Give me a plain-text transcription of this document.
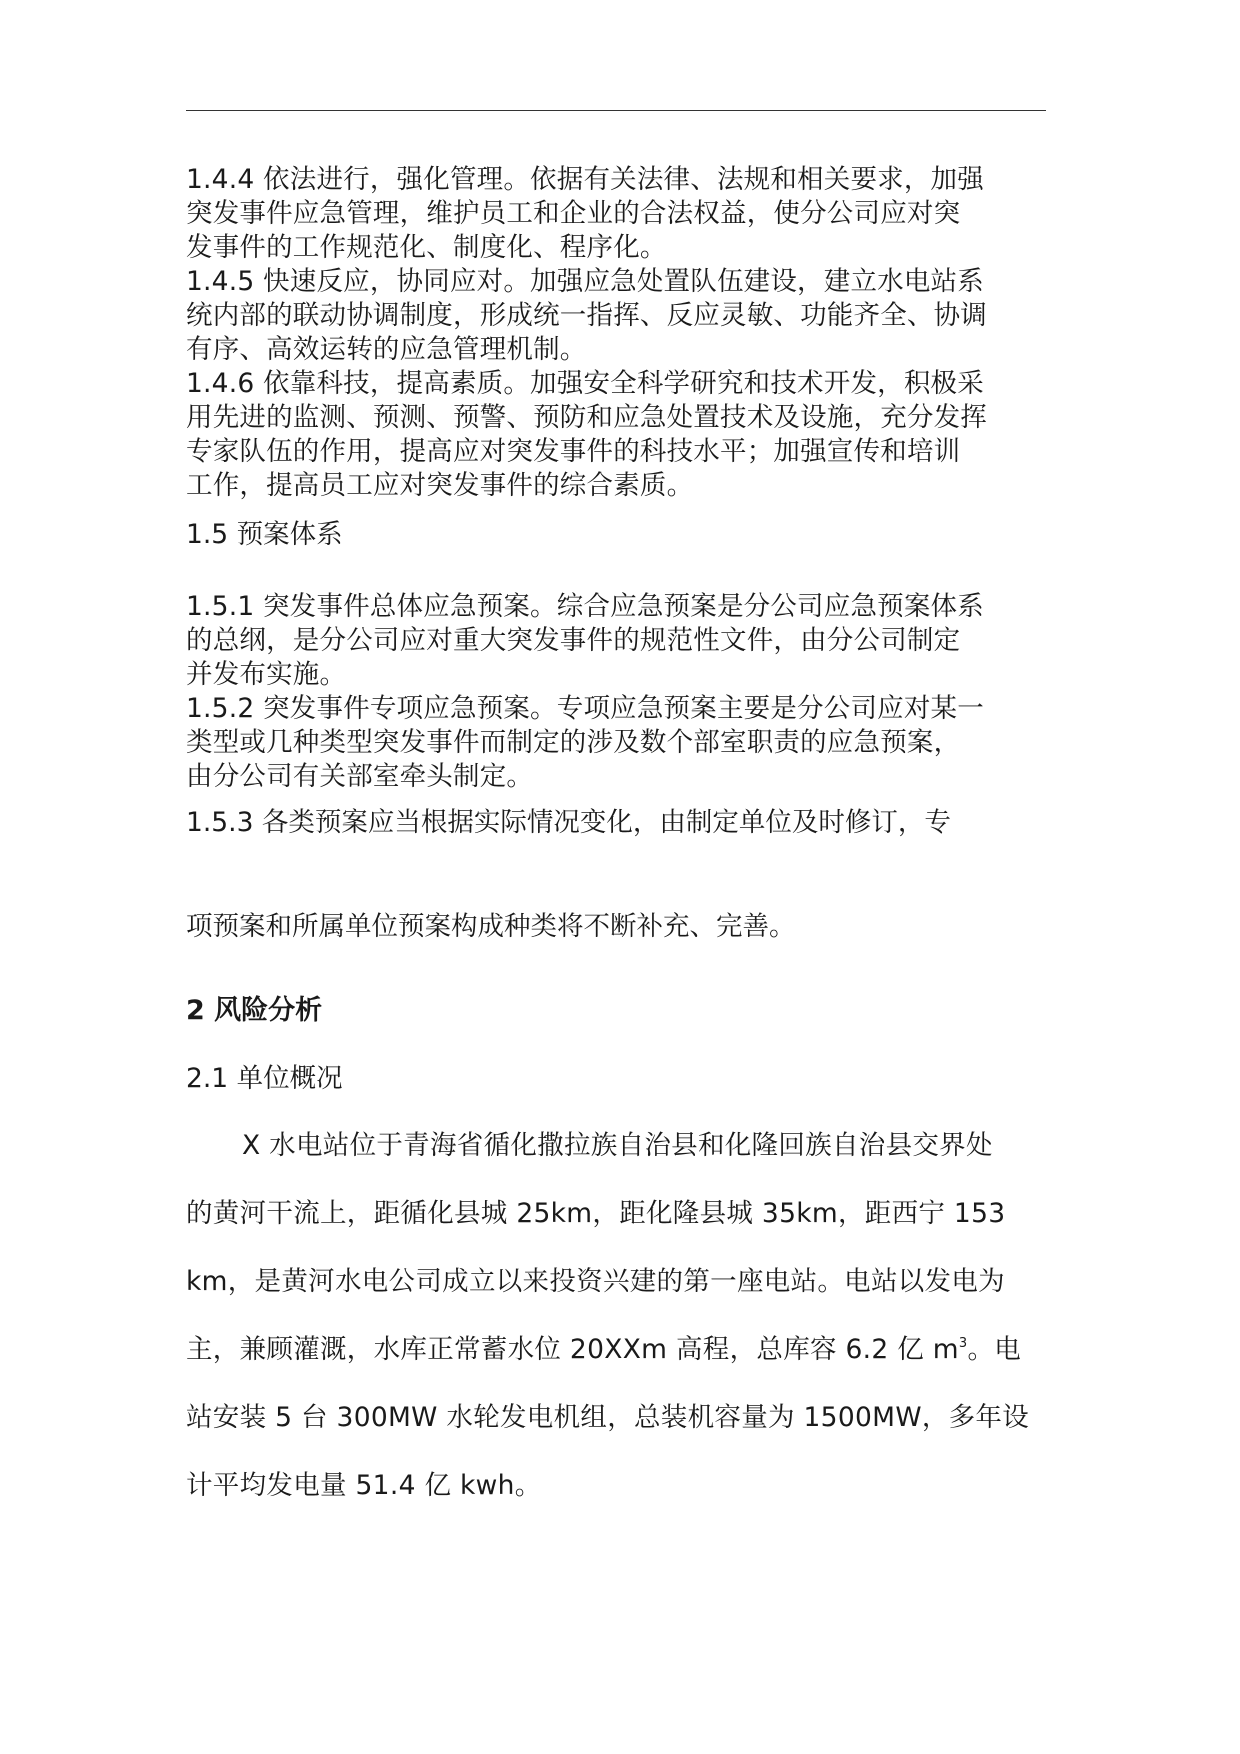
1.4.4 依法进行，强化管理。依据有关法律、法规和相关要求，加强
突发事件应急管理，维护员工和企业的合法权益，使分公司应对突
发事件的工作规范化、制度化、程序化。

1.4.5 快速反应，协同应对。加强应急处置队伍建设，建立水电站系
统内部的联动协调制度，形成统一指挥、反应灵敏、功能齐全、协调
有序、高效运转的应急管理机制。

1.4.6 依靠科技，提高素质。加强安全科学研究和技术开发，积极采
用先进的监测、预测、预警、预防和应急处置技术及设施，充分发挥
专家队伍的作用，提高应对突发事件的科技水平；加强宣传和培训
工作，提高员工应对突发事件的综合素质。

1.5 预案体系

1.5.1 突发事件总体应急预案。综合应急预案是分公司应急预案体系
的总纲，是分公司应对重大突发事件的规范性文件，由分公司制定
并发布实施。

1.5.2 突发事件专项应急预案。专项应急预案主要是分公司应对某一
类型或几种类型突发事件而制定的涉及数个部室职责的应急预案，
由分公司有关部室牵头制定。

1.5.3 各类预案应当根据实际情况变化，由制定单位及时修订，专
项预案和所属单位预案构成种类将不断补充、完善。
2 风险分析
2.1 单位概况
X 水电站位于青海省循化撒拉族自治县和化隆回族自治县交界处
的黄河干流上，距循化县城 25km，距化隆县城 35km，距西宁 153
km，是黄河水电公司成立以来投资兴建的第一座电站。电站以发电为
主，兼顾灌溉，水库正常蓄水位 20XXm 高程，总库容 6.2 亿 $m^3$。电
站安装 5 台 300MW 水轮发电机组，总装机容量为 1500MW，多年设
计平均发电量 51.4 亿 kwh。
